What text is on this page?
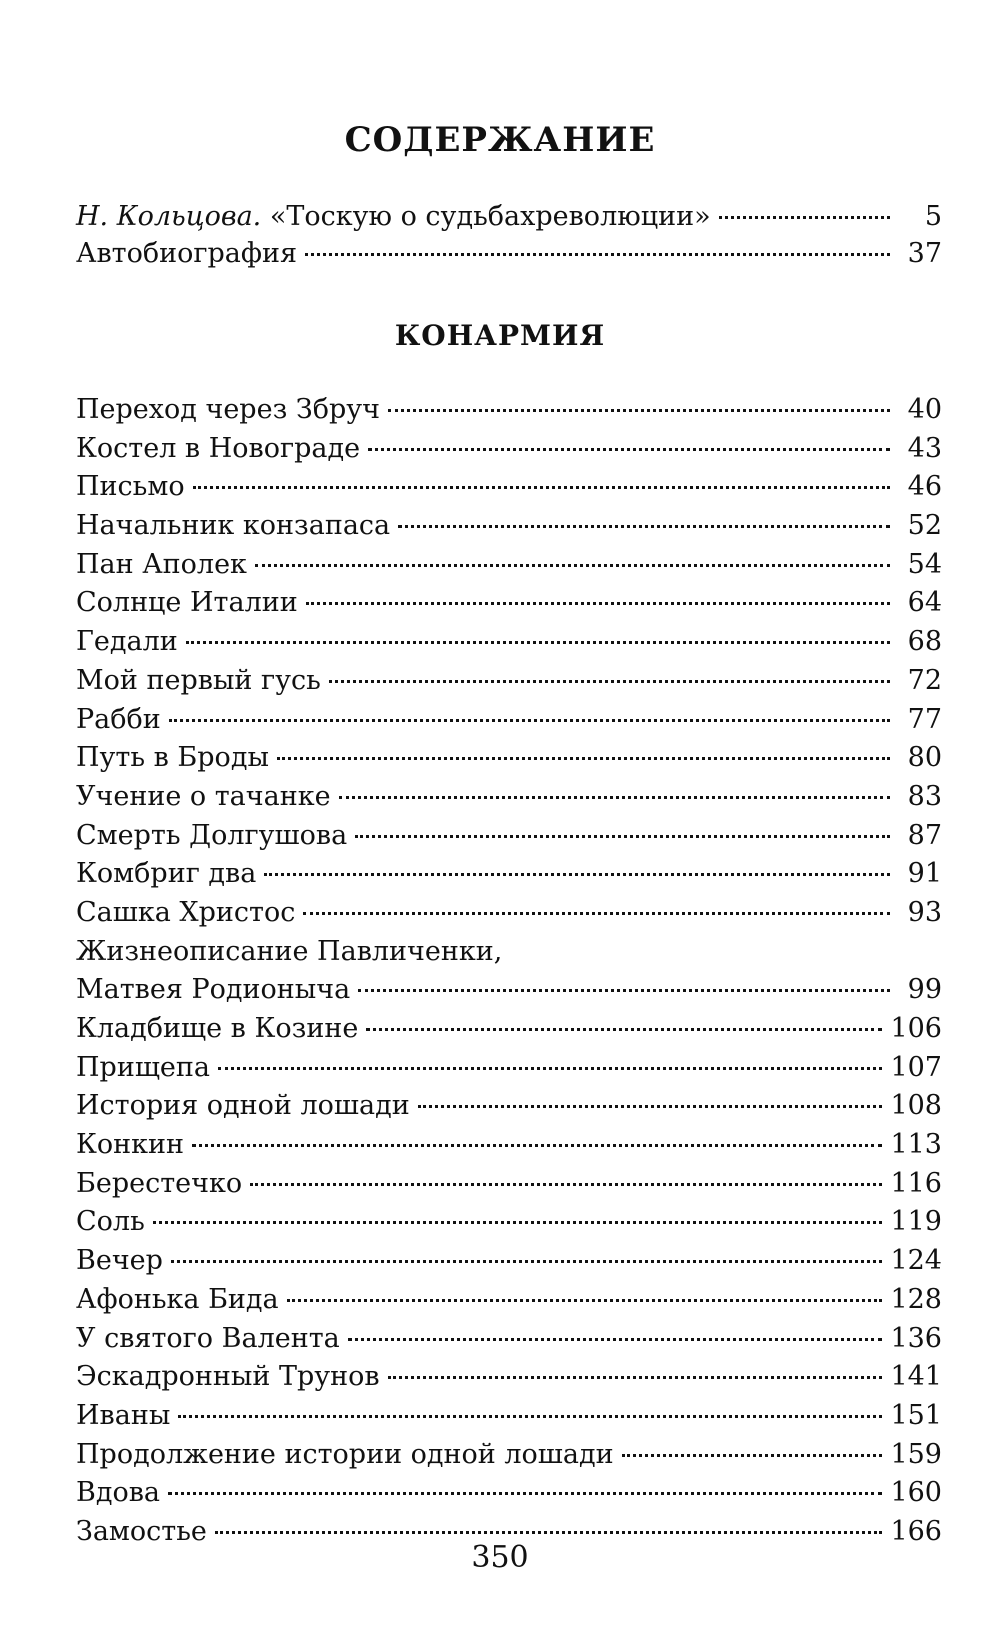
СОДЕРЖАНИЕ
Н. Кольцова. «Тоскую о судьбахреволюции»	5
Автобиография	37
КОНАРМИЯ
Переход через Збруч	40
Костел в Новограде	43
Письмо	46
Начальник конзапаса	52
Пан Аполек	54
Солнце Италии	64
Гедали	68
Мой первый гусь	72
Рабби	77
Путь в Броды	80
Учение о тачанке	83
Смерть Долгушова	87
Комбриг два	91
Сашка Христос	93
Жизнеописание Павличенки,
Матвея Родионыча	99
Кладбище в Козине	106
Прищепа	107
История одной лошади	108
Конкин	113
Берестечко	116
Соль	119
Вечер	124
Афонька Бида	128
У святого Валента	136
Эскадронный Трунов	141
Иваны	151
Продолжение истории одной лошади	159
Вдова	160
Замостье	166
350
